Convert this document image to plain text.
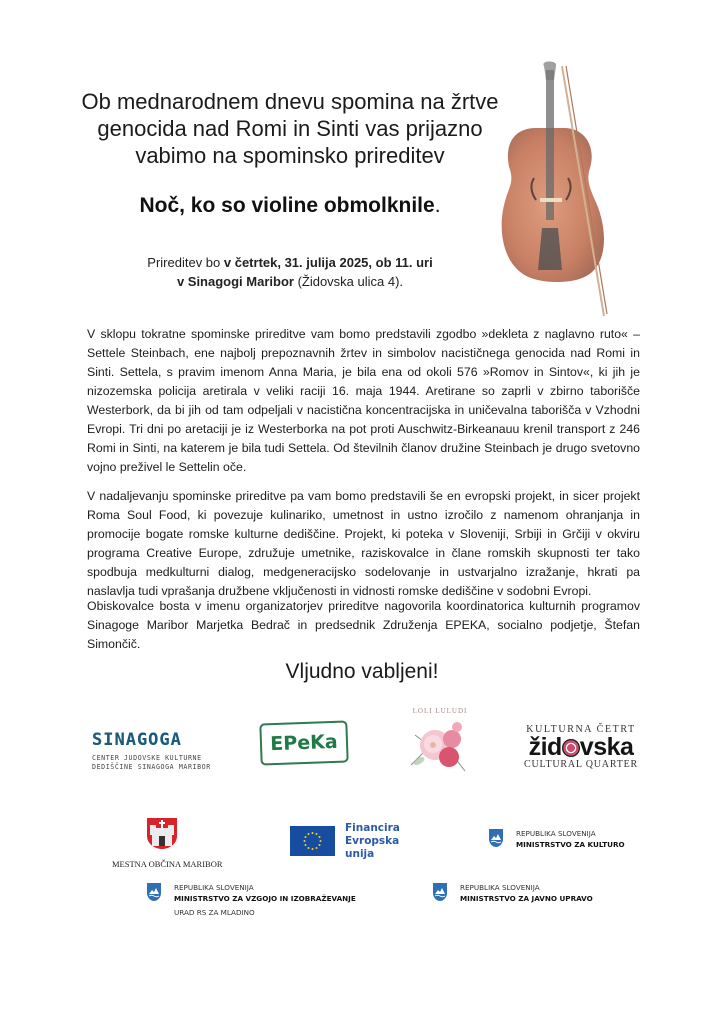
Ob mednarodnem dnevu spomina na žrtve
genocida nad Romi in Sinti vas prijazno
vabimo na spominsko prireditev
Noč, ko so violine obmolknile.
Prireditev bo v četrtek, 31. julija 2025, ob 11. uri
v Sinagogi Maribor (Židovska ulica 4).

V sklopu tokratne spominske prireditve vam bomo predstavili zgodbo »dekleta z naglavno ruto« – Settele Steinbach, ene najbolj prepoznavnih žrtev in simbolov nacističnega genocida nad Romi in Sinti. Settela, s pravim imenom Anna Maria, je bila ena od okoli 576 »Romov in Sintov«, ki jih je nizozemska policija aretirala v veliki raciji 16. maja 1944. Aretirane so zaprli v zbirno taborišče Westerbork, da bi jih od tam odpeljali v nacistična koncentracijska in uničevalna taborišča v Vzhodni Evropi. Tri dni po aretaciji je iz Westerborka na pot proti Auschwitz-Birkeanauu krenil transport z 246 Romi in Sinti, na katerem je bila tudi Settela. Od številnih članov družine Steinbach je drugo svetovno vojno preživel le Settelin oče.

V nadaljevanju spominske prireditve pa vam bomo predstavili še en evropski projekt, in sicer projekt Roma Soul Food, ki povezuje kulinariko, umetnost in ustno izročilo z namenom ohranjanja in promocije bogate romske kulturne dediščine. Projekt, ki poteka v Sloveniji, Srbiji in Grčiji v okviru programa Creative Europe, združuje umetnike, raziskovalce in člane romskih skupnosti ter tako spodbuja medkulturni dialog, medgeneracijsko sodelovanje in ustvarjalno izražanje, hkrati pa naslavlja tudi vprašanja družbene vključenosti in vidnosti romske dediščine v sodobni Evropi.

Obiskovalce bosta v imenu organizatorjev prireditve nagovorila koordinatorica kulturnih programov Sinagoge Maribor Marjetka Bedrač in predsednik Združenja EPEKA, socialno podjetje, Štefan Simončič.

Vljudno vabljeni!
SINAGOGA
CENTER JUDOVSKE KULTURNE
DEDIŠČINE SINAGOGA MARIBOR
EPeKa
LOLI LULUDI
KULTURNA ČETRT
žid vska
CULTURAL QUARTER
MESTNA OBČINA MARIBOR
Financira
Evropska unija
REPUBLIKA SLOVENIJA
MINISTRSTVO ZA KULTURO
REPUBLIKA SLOVENIJA
MINISTRSTVO ZA VZGOJO IN IZOBRAŽEVANJE
URAD RS ZA MLADINO
REPUBLIKA SLOVENIJA
MINISTRSTVO ZA JAVNO UPRAVO
